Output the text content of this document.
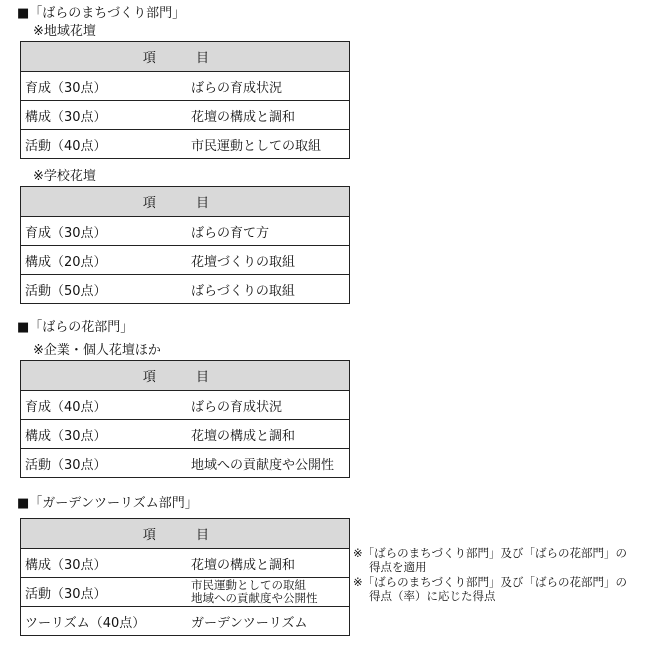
■「ばらのまちづくり部門」
※地域花壇
項 目	
育成（30点）	ばらの育成状況
構成（30点）	花壇の構成と調和
活動（40点）	市民運動としての取組
※学校花壇
項 目	
育成（30点）	ばらの育て方
構成（20点）	花壇づくりの取組
活動（50点）	ばらづくりの取組
■「ばらの花部門」
※企業・個人花壇ほか
項 目	
育成（40点）	ばらの育成状況
構成（30点）	花壇の構成と調和
活動（30点）	地域への貢献度や公開性
■「ガーデンツーリズム部門」
項 目	
構成（30点）	花壇の構成と調和
活動（30点）	市民運動としての取組
地域への貢献度や公開性

ツーリズム（40点）	ガーデンツーリズム
※「ばらのまちづくり部門」及び「ばらの花部門」の
得点を適用
※「ばらのまちづくり部門」及び「ばらの花部門」の
得点（率）に応じた得点
